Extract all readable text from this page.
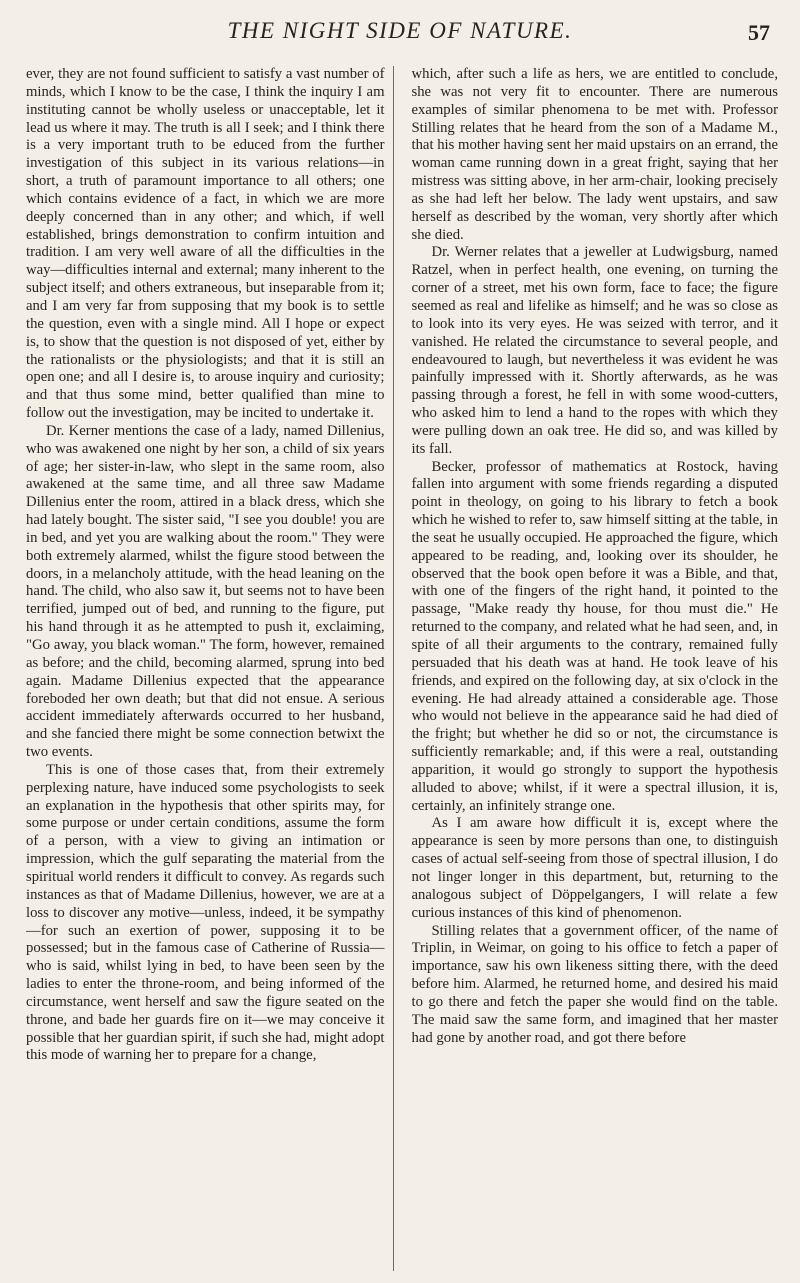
THE NIGHT SIDE OF NATURE.	57

ever, they are not found sufficient to satisfy a vast number of minds, which I know to be the case, I think the inquiry I am instituting cannot be wholly useless or unacceptable, let it lead us where it may. The truth is all I seek; and I think there is a very important truth to be educed from the further investigation of this subject in its various relations—in short, a truth of paramount importance to all others; one which contains evidence of a fact, in which we are more deeply concerned than in any other; and which, if well established, brings demonstration to confirm intuition and tradition. I am very well aware of all the difficulties in the way—difficulties internal and external; many inherent to the subject itself; and others extraneous, but inseparable from it; and I am very far from supposing that my book is to settle the question, even with a single mind. All I hope or expect is, to show that the question is not disposed of yet, either by the rationalists or the physiologists; and that it is still an open one; and all I desire is, to arouse inquiry and curiosity; and that thus some mind, better qualified than mine to follow out the investigation, may be incited to undertake it.

Dr. Kerner mentions the case of a lady, named Dillenius, who was awakened one night by her son, a child of six years of age; her sister-in-law, who slept in the same room, also awakened at the same time, and all three saw Madame Dillenius enter the room, attired in a black dress, which she had lately bought. The sister said, "I see you double! you are in bed, and yet you are walking about the room." They were both extremely alarmed, whilst the figure stood between the doors, in a melancholy attitude, with the head leaning on the hand. The child, who also saw it, but seems not to have been terrified, jumped out of bed, and running to the figure, put his hand through it as he attempted to push it, exclaiming, "Go away, you black woman." The form, however, remained as before; and the child, becoming alarmed, sprung into bed again. Madame Dillenius expected that the appearance foreboded her own death; but that did not ensue. A serious accident immediately afterwards occurred to her husband, and she fancied there might be some connection betwixt the two events.

This is one of those cases that, from their extremely perplexing nature, have induced some psychologists to seek an explanation in the hypothesis that other spirits may, for some purpose or under certain conditions, assume the form of a person, with a view to giving an intimation or impression, which the gulf separating the material from the spiritual world renders it difficult to convey. As regards such instances as that of Madame Dillenius, however, we are at a loss to discover any motive—unless, indeed, it be sympathy—for such an exertion of power, supposing it to be possessed; but in the famous case of Catherine of Russia—who is said, whilst lying in bed, to have been seen by the ladies to enter the throne-room, and being informed of the circumstance, went herself and saw the figure seated on the throne, and bade her guards fire on it—we may conceive it possible that her guardian spirit, if such she had, might adopt this mode of warning her to prepare for a change,

which, after such a life as hers, we are entitled to conclude, she was not very fit to encounter. There are numerous examples of similar phenomena to be met with. Professor Stilling relates that he heard from the son of a Madame M., that his mother having sent her maid upstairs on an errand, the woman came running down in a great fright, saying that her mistress was sitting above, in her arm-chair, looking precisely as she had left her below. The lady went upstairs, and saw herself as described by the woman, very shortly after which she died.

Dr. Werner relates that a jeweller at Ludwigsburg, named Ratzel, when in perfect health, one evening, on turning the corner of a street, met his own form, face to face; the figure seemed as real and lifelike as himself; and he was so close as to look into its very eyes. He was seized with terror, and it vanished. He related the circumstance to several people, and endeavoured to laugh, but nevertheless it was evident he was painfully impressed with it. Shortly afterwards, as he was passing through a forest, he fell in with some wood-cutters, who asked him to lend a hand to the ropes with which they were pulling down an oak tree. He did so, and was killed by its fall.

Becker, professor of mathematics at Rostock, having fallen into argument with some friends regarding a disputed point in theology, on going to his library to fetch a book which he wished to refer to, saw himself sitting at the table, in the seat he usually occupied. He approached the figure, which appeared to be reading, and, looking over its shoulder, he observed that the book open before it was a Bible, and that, with one of the fingers of the right hand, it pointed to the passage, "Make ready thy house, for thou must die." He returned to the company, and related what he had seen, and, in spite of all their arguments to the contrary, remained fully persuaded that his death was at hand. He took leave of his friends, and expired on the following day, at six o'clock in the evening. He had already attained a considerable age. Those who would not believe in the appearance said he had died of the fright; but whether he did so or not, the circumstance is sufficiently remarkable; and, if this were a real, outstanding apparition, it would go strongly to support the hypothesis alluded to above; whilst, if it were a spectral illusion, it is, certainly, an infinitely strange one.

As I am aware how difficult it is, except where the appearance is seen by more persons than one, to distinguish cases of actual self-seeing from those of spectral illusion, I do not linger longer in this department, but, returning to the analogous subject of Döppelgangers, I will relate a few curious instances of this kind of phenomenon.

Stilling relates that a government officer, of the name of Triplin, in Weimar, on going to his office to fetch a paper of importance, saw his own likeness sitting there, with the deed before him. Alarmed, he returned home, and desired his maid to go there and fetch the paper she would find on the table. The maid saw the same form, and imagined that her master had gone by another road, and got there before
